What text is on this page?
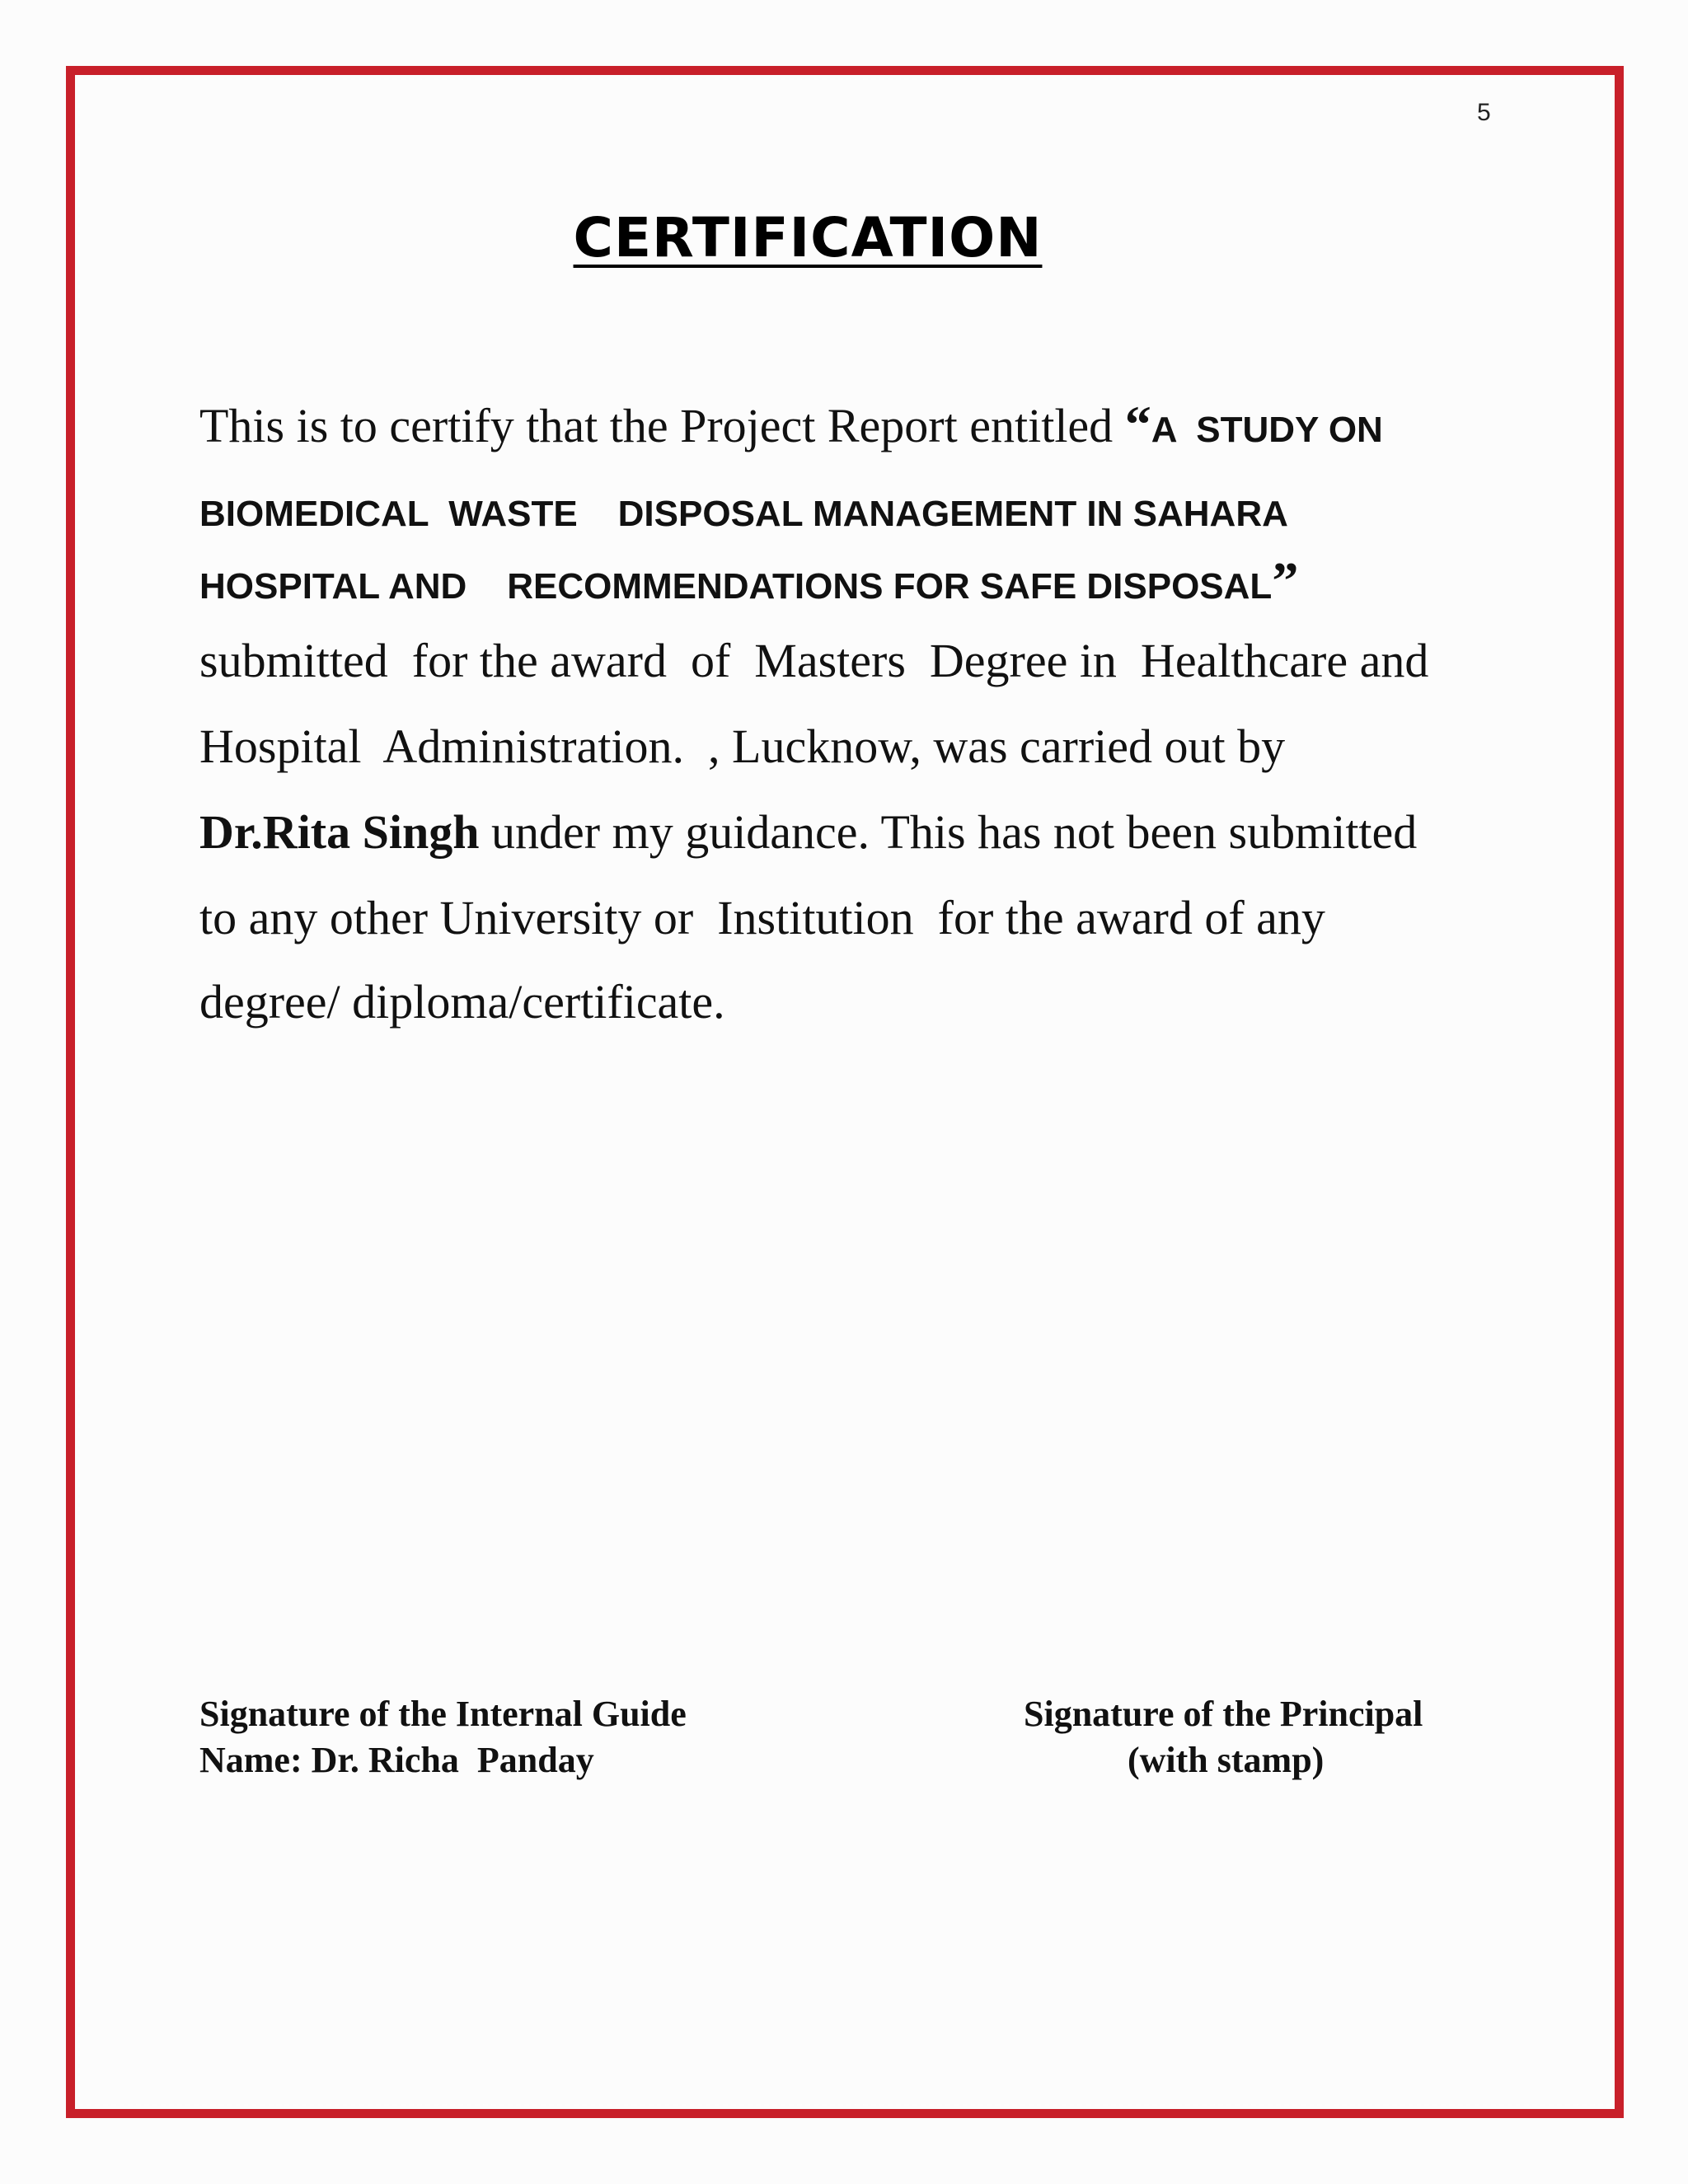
5
CERTIFICATION
This is to certify that the Project Report entitled “A  STUDY ON
BIOMEDICAL  WASTE    DISPOSAL MANAGEMENT IN SAHARA
HOSPITAL AND    RECOMMENDATIONS FOR SAFE DISPOSAL”
submitted  for the award  of  Masters  Degree in  Healthcare and
Hospital  Administration.  , Lucknow, was carried out by
Dr.Rita Singh under my guidance. This has not been submitted
to any other University or  Institution  for the award of any
degree/ diploma/certificate.
Signature of the Internal Guide
Name: Dr. Richa  Panday
Signature of the Principal
(with stamp)
